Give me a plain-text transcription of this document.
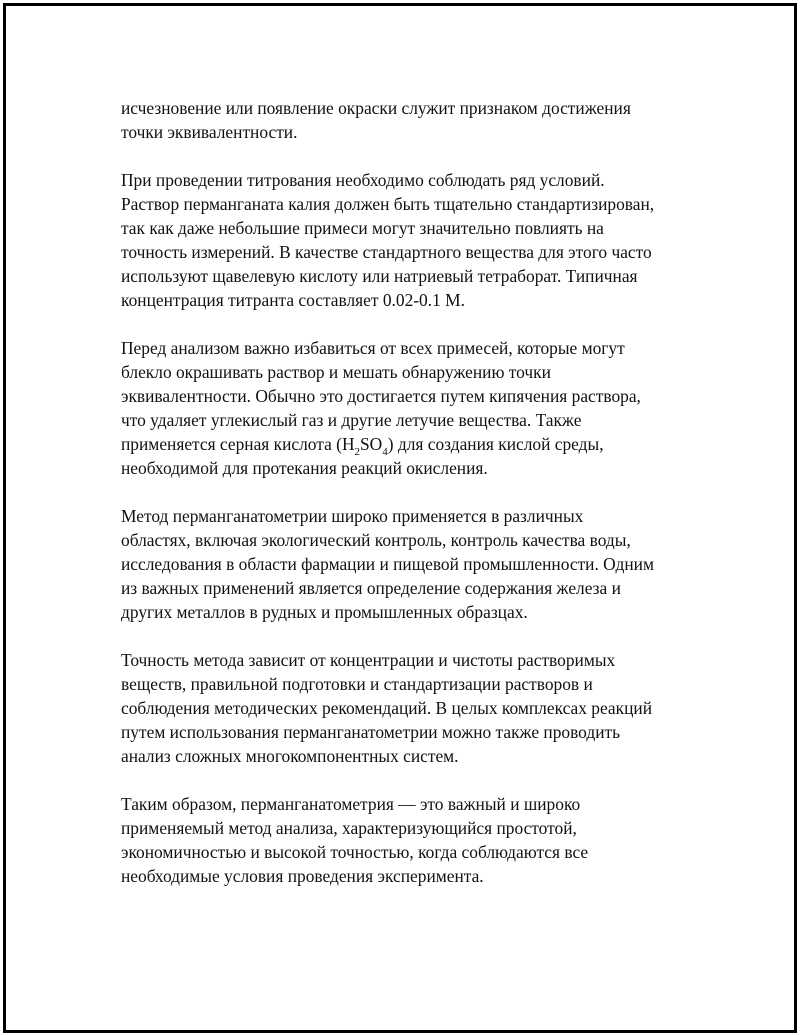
исчезновение или появление окраски служит признаком достижения
точки эквивалентности.

При проведении титрования необходимо соблюдать ряд условий.
Раствор перманганата калия должен быть тщательно стандартизирован,
так как даже небольшие примеси могут значительно повлиять на
точность измерений. В качестве стандартного вещества для этого часто
используют щавелевую кислоту или натриевый тетраборат. Типичная
концентрация титранта составляет 0.02-0.1 М.

Перед анализом важно избавиться от всех примесей, которые могут
блекло окрашивать раствор и мешать обнаружению точки
эквивалентности. Обычно это достигается путем кипячения раствора,
что удаляет углекислый газ и другие летучие вещества. Также
применяется серная кислота $(H_2SO_4)$ для создания кислой среды,
необходимой для протекания реакций окисления.

Метод перманганатометрии широко применяется в различных
областях, включая экологический контроль, контроль качества воды,
исследования в области фармации и пищевой промышленности. Одним
из важных применений является определение содержания железа и
других металлов в рудных и промышленных образцах.

Точность метода зависит от концентрации и чистоты растворимых
веществ, правильной подготовки и стандартизации растворов и
соблюдения методических рекомендаций. В целых комплексах реакций
путем использования перманганатометрии можно также проводить
анализ сложных многокомпонентных систем.

Таким образом, перманганатометрия — это важный и широко
применяемый метод анализа, характеризующийся простотой,
экономичностью и высокой точностью, когда соблюдаются все
необходимые условия проведения эксперимента.
